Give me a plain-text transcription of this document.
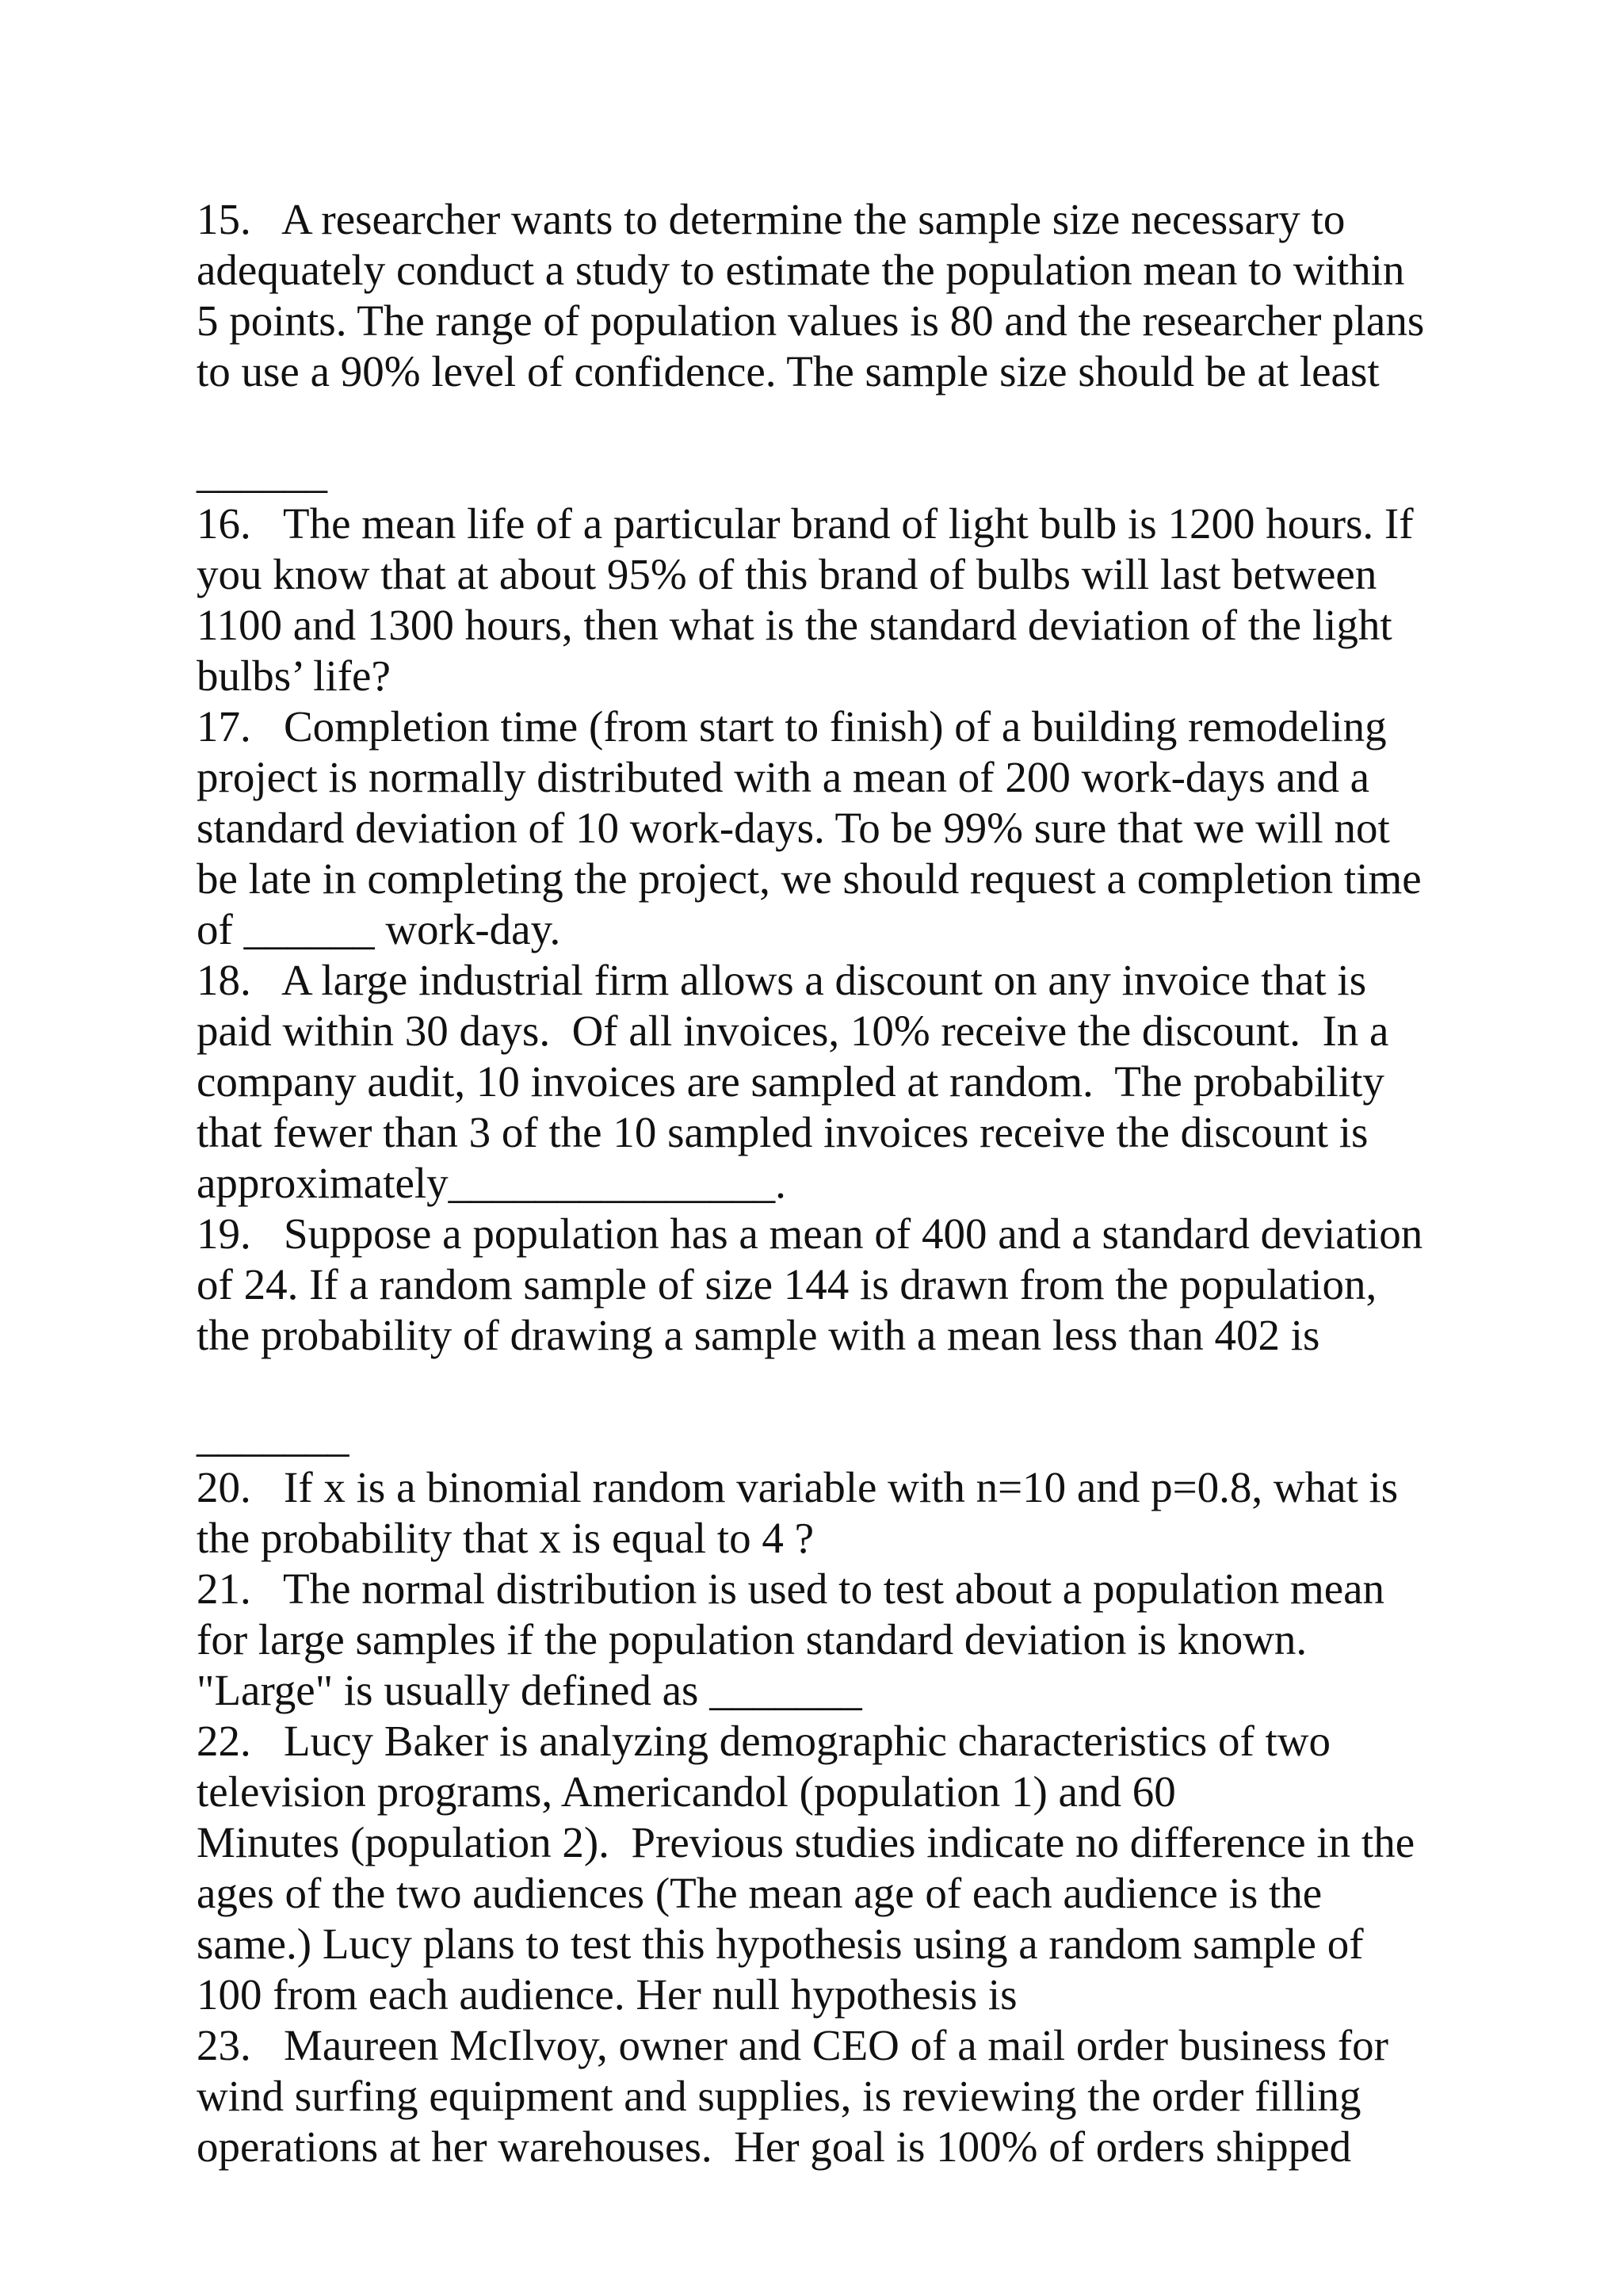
15.   A researcher wants to determine the sample size necessary to
adequately conduct a study to estimate the population mean to within
5 points. The range of population values is 80 and the researcher plans
to use a 90% level of confidence. The sample size should be at least
______
16.   The mean life of a particular brand of light bulb is 1200 hours. If
you know that at about 95% of this brand of bulbs will last between
1100 and 1300 hours, then what is the standard deviation of the light
bulbs’ life?
17.   Completion time (from start to finish) of a building remodeling
project is normally distributed with a mean of 200 work-days and a
standard deviation of 10 work-days. To be 99% sure that we will not
be late in completing the project, we should request a completion time
of ______ work-day.
18.   A large industrial firm allows a discount on any invoice that is
paid within 30 days.  Of all invoices, 10% receive the discount.  In a
company audit, 10 invoices are sampled at random.  The probability
that fewer than 3 of the 10 sampled invoices receive the discount is
approximately_______________.
19.   Suppose a population has a mean of 400 and a standard deviation
of 24. If a random sample of size 144 is drawn from the population,
the probability of drawing a sample with a mean less than 402 is
_______
20.   If x is a binomial random variable with n=10 and p=0.8, what is
the probability that x is equal to 4 ?
21.   The normal distribution is used to test about a population mean
for large samples if the population standard deviation is known.
"Large" is usually defined as _______
22.   Lucy Baker is analyzing demographic characteristics of two
television programs, Americandol (population 1) and 60
Minutes (population 2).  Previous studies indicate no difference in the
ages of the two audiences (The mean age of each audience is the
same.) Lucy plans to test this hypothesis using a random sample of
100 from each audience. Her null hypothesis is
23.   Maureen McIlvoy, owner and CEO of a mail order business for
wind surfing equipment and supplies, is reviewing the order filling
operations at her warehouses.  Her goal is 100% of orders shipped
